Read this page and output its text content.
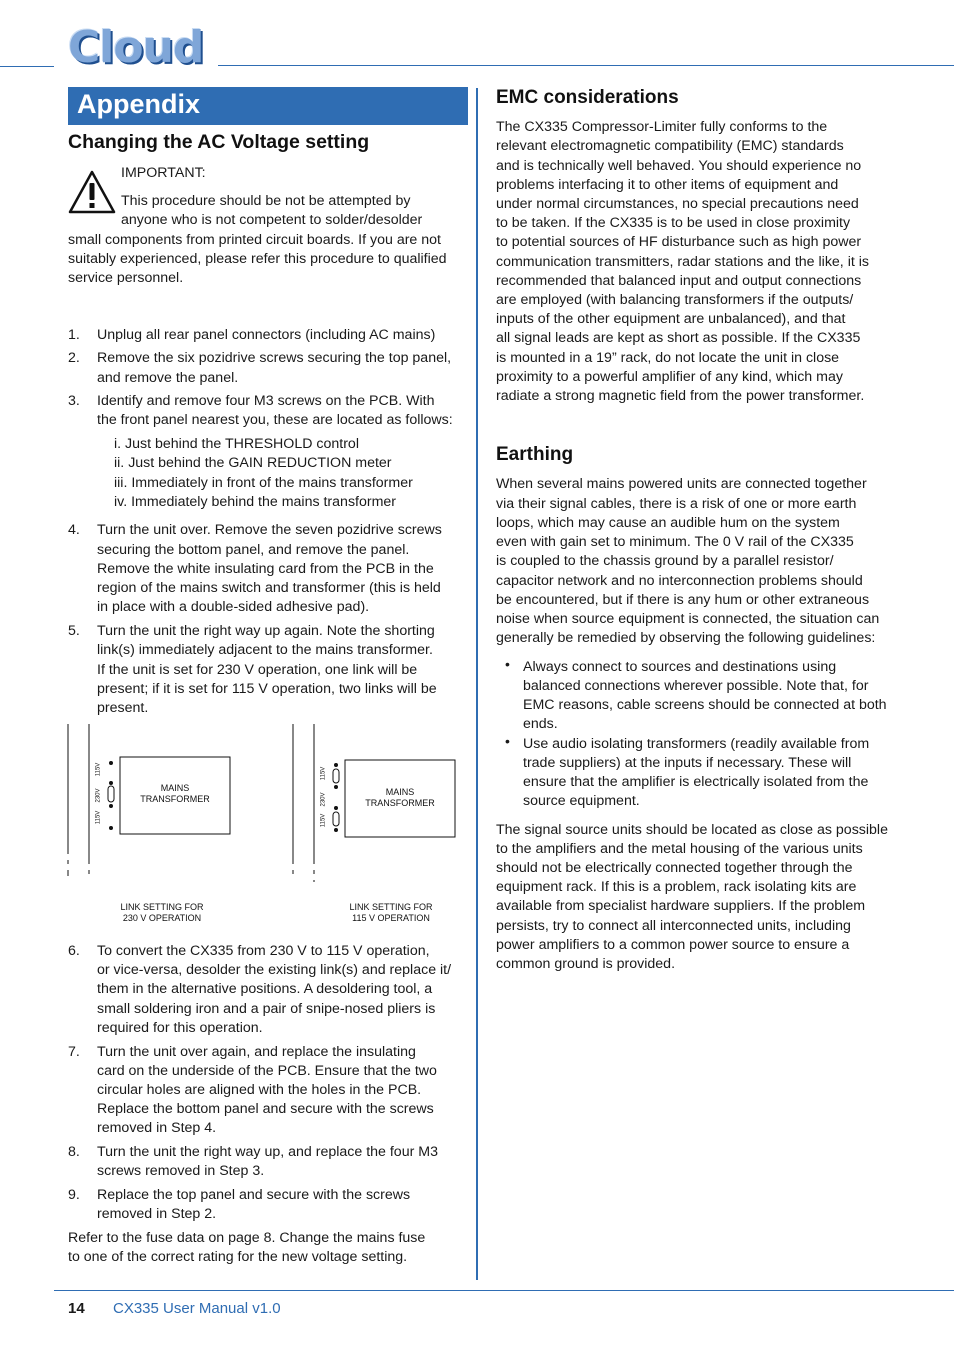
Cloud
Appendix
Changing the AC Voltage setting
IMPORTANT:
This procedure should be not be attempted by
anyone who is not competent to solder/desolder
small components from printed circuit boards. If you are not
suitably experienced, please refer this procedure to qualified
service personnel.
1. Unplug all rear panel connectors (including AC mains)
2. Remove the six pozidrive screws securing the top panel,
and remove the panel.
3. Identify and remove four M3 screws on the PCB. With
the front panel nearest you, these are located as follows:
i. Just behind the THRESHOLD control
ii. Just behind the GAIN REDUCTION meter
iii. Immediately in front of the mains transformer
iv. Immediately behind the mains transformer
4. Turn the unit over. Remove the seven pozidrive screws
securing the bottom panel, and remove the panel.
Remove the white insulating card from the PCB in the
region of the mains switch and transformer (this is held
in place with a double-sided adhesive pad).
5. Turn the unit the right way up again. Note the shorting
link(s) immediately adjacent to the mains transformer.
If the unit is set for 230 V operation, one link will be
present; if it is set for 115 V operation, two links will be
present.
MAINS
TRANSFORMER
MAINS
TRANSFORMER
115V
230V
115V
115V
230V
115V
LINK SETTING FOR
230 V OPERATION
LINK SETTING FOR
115 V OPERATION
6. To convert the CX335 from 230 V to 115 V operation,
or vice-versa, desolder the existing link(s) and replace it/
them in the alternative positions. A desoldering tool, a
small soldering iron and a pair of snipe-nosed pliers is
required for this operation.
7. Turn the unit over again, and replace the insulating
card on the underside of the PCB. Ensure that the two
circular holes are aligned with the holes in the PCB.
Replace the bottom panel and secure with the screws
removed in Step 4.
8. Turn the unit the right way up, and replace the four M3
screws removed in Step 3.
9. Replace the top panel and secure with the screws
removed in Step 2.
Refer to the fuse data on page 8. Change the mains fuse
to one of the correct rating for the new voltage setting.
EMC considerations
The CX335 Compressor-Limiter fully conforms to the
relevant electromagnetic compatibility (EMC) standards
and is technically well behaved. You should experience no
problems interfacing it to other items of equipment and
under normal circumstances, no special precautions need
to be taken. If the CX335 is to be used in close proximity
to potential sources of HF disturbance such as high power
communication transmitters, radar stations and the like, it is
recommended that balanced input and output connections
are employed (with balancing transformers if the outputs/
inputs of the other equipment are unbalanced), and that
all signal leads are kept as short as possible. If the CX335
is mounted in a 19” rack, do not locate the unit in close
proximity to a powerful amplifier of any kind, which may
radiate a strong magnetic field from the power transformer.
Earthing
When several mains powered units are connected together
via their signal cables, there is a risk of one or more earth
loops, which may cause an audible hum on the system
even with gain set to minimum. The 0 V rail of the CX335
is coupled to the chassis ground by a parallel resistor/
capacitor network and no interconnection problems should
be encountered, but if there is any hum or other extraneous
noise when source equipment is connected, the situation can
generally be remedied by observing the following guidelines:
• Always connect to sources and destinations using
balanced connections wherever possible. Note that, for
EMC reasons, cable screens should be connected at both
ends.
• Use audio isolating transformers (readily available from
trade suppliers) at the inputs if necessary. These will
ensure that the amplifier is electrically isolated from the
source equipment.
The signal source units should be located as close as possible
to the amplifiers and the metal housing of the various units
should not be electrically connected together through the
equipment rack. If this is a problem, rack isolating kits are
available from specialist hardware suppliers. If the problem
persists, try to connect all interconnected units, including
power amplifiers to a common power source to ensure a
common ground is provided.
14 CX335 User Manual v1.0
